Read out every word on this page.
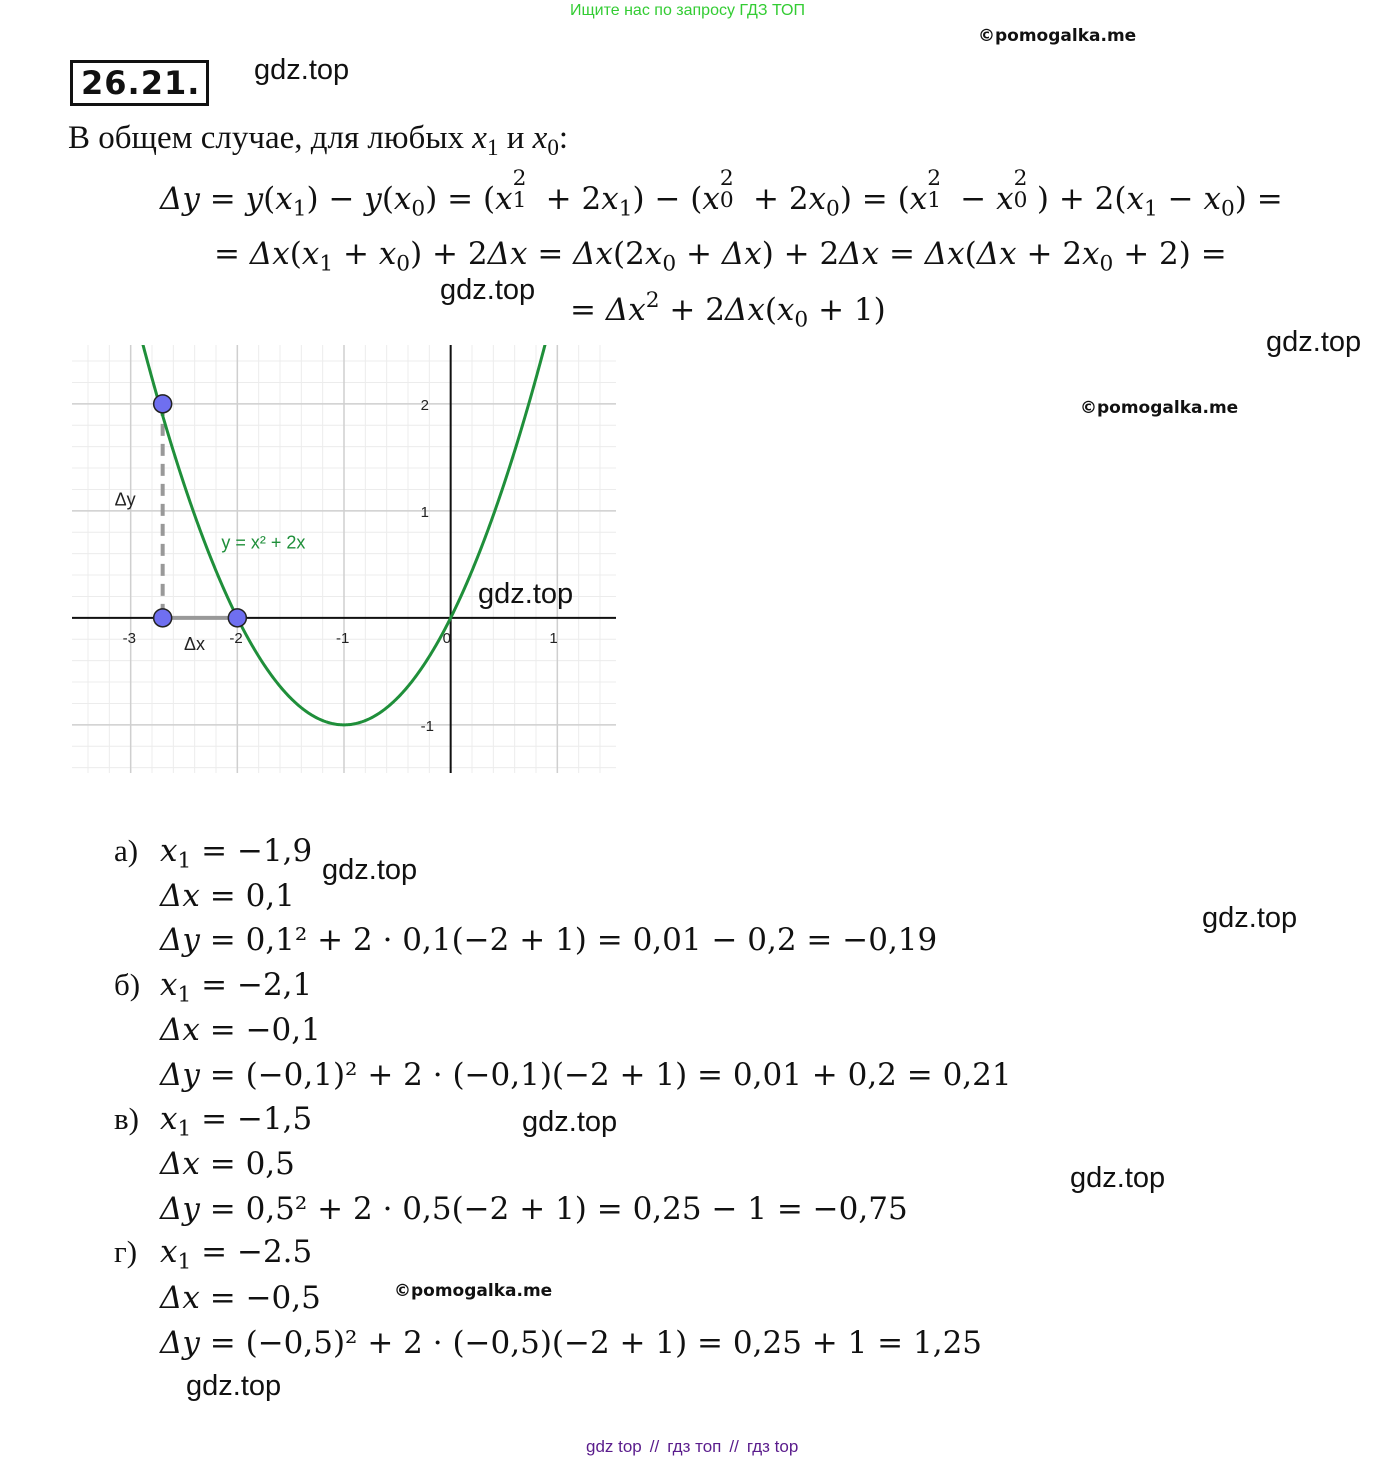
Ищите нас по запросу ГДЗ ТОП
©pomogalka.me
26.21.	gdz.top
В общем случае, для любых $x_1$ и $x_0$:
$\Delta y = y(x_1) - y(x_0) = (x$
2
$1 + 2x_1) - (x$
2
$0 + 2x_0) = (x$
2
1 − x
2
0 ) + $2(x_1 - x_0)$ =
= $\Delta x(x_1 + x_0) + 2\Delta x = \Delta x(2x_0 + \Delta x) + 2\Delta x = \Delta x(\Delta x + 2x_0 + 2)$ =
gdz.top
= $\Delta x^2 + 2\Delta x(x_0 + 1)$
gdz.top
©pomogalka.me
-3	-2	-1	0	1
2
1
-1
y = x² + 2x
Δy
Δx
gdz.top
а) $x_1 = -1,9$
Δx = 0,1
Δy = 0,1² + 2 · 0,1(−2 + 1) = 0,01 − 0,2 = −0,19
б) $x_1 = -2,1$
Δx = −0,1
Δy = (−0,1)² + 2 · (−0,1)(−2 + 1) = 0,01 + 0,2 = 0,21
в) $x_1 = -1,5$
Δx = 0,5
Δy = 0,5² + 2 · 0,5(−2 + 1) = 0,25 − 1 = −0,75
г) $x_1 = -2.5$
Δx = −0,5
Δy = (−0,5)² + 2 · (−0,5)(−2 + 1) = 0,25 + 1 = 1,25
gdz.top
gdz.top
gdz.top
gdz.top
©pomogalka.me
gdz.top
gdz top // гдз топ // гдз top
